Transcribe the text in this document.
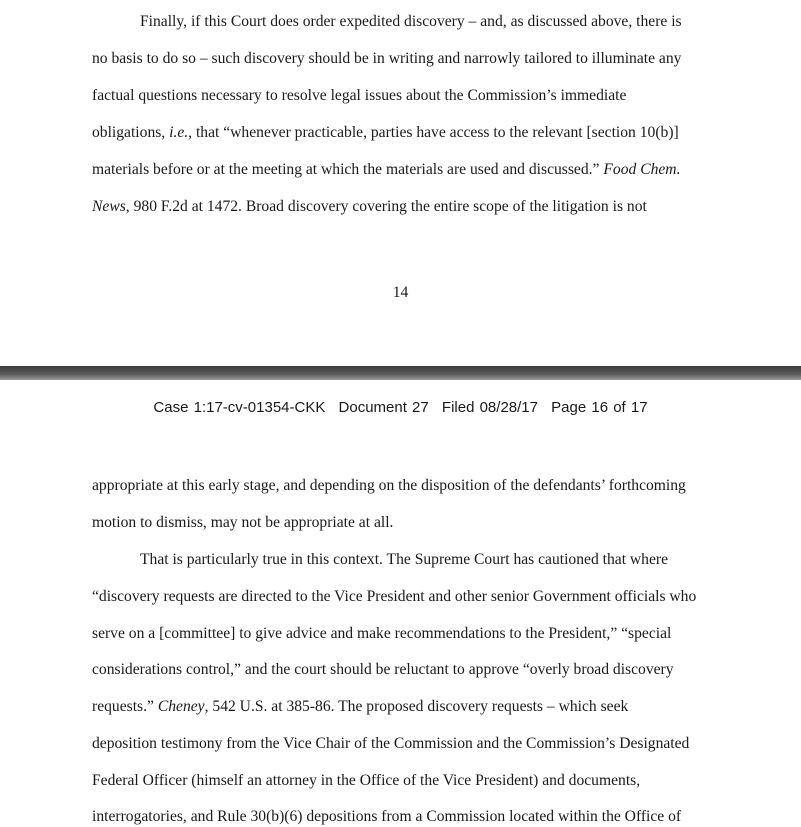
Finally, if this Court does order expedited discovery – and, as discussed above, there is
no basis to do so – such discovery should be in writing and narrowly tailored to illuminate any
factual questions necessary to resolve legal issues about the Commission’s immediate
obligations, i.e., that “whenever practicable, parties have access to the relevant [section 10(b)]
materials before or at the meeting at which the materials are used and discussed.” Food Chem.
News, 980 F.2d at 1472. Broad discovery covering the entire scope of the litigation is not
14
Case 1:17-cv-01354-CKK Document 27 Filed 08/28/17 Page 16 of 17
appropriate at this early stage, and depending on the disposition of the defendants’ forthcoming
motion to dismiss, may not be appropriate at all.
That is particularly true in this context. The Supreme Court has cautioned that where
“discovery requests are directed to the Vice President and other senior Government officials who
serve on a [committee] to give advice and make recommendations to the President,” “special
considerations control,” and the court should be reluctant to approve “overly broad discovery
requests.” Cheney, 542 U.S. at 385-86. The proposed discovery requests – which seek
deposition testimony from the Vice Chair of the Commission and the Commission’s Designated
Federal Officer (himself an attorney in the Office of the Vice President) and documents,
interrogatories, and Rule 30(b)(6) depositions from a Commission located within the Office of
